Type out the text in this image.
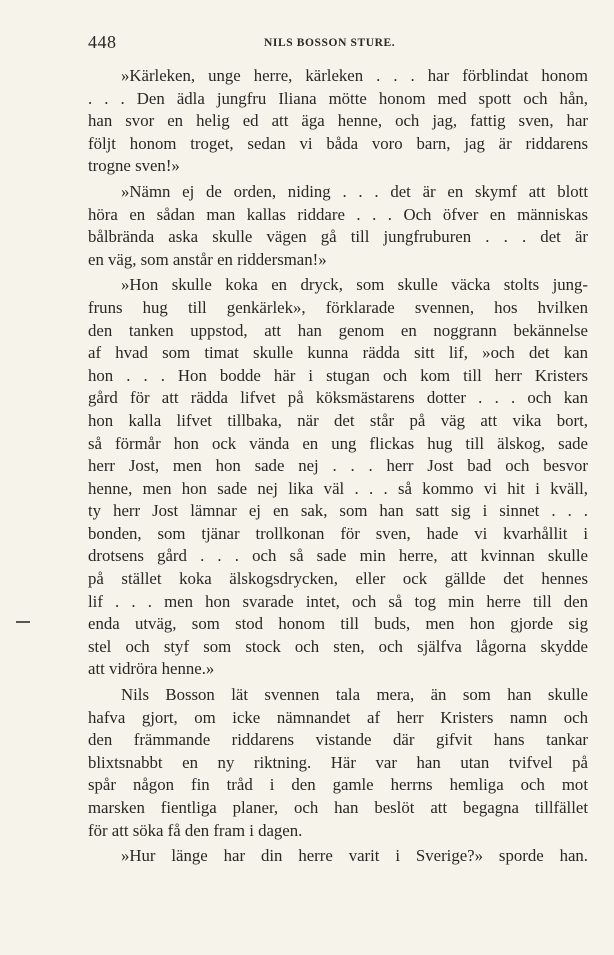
448	NILS BOSSON STURE.
»Kärleken, unge herre, kärleken . . . har förblindat honom
. . . Den ädla jungfru Iliana mötte honom med spott och hån,
han svor en helig ed att äga henne, och jag, fattig sven, har
följt honom troget, sedan vi båda voro barn, jag är riddarens
trogne sven!»
»Nämn ej de orden, niding . . . det är en skymf att blott
höra en sådan man kallas riddare . . . Och öfver en människas
bålbrända aska skulle vägen gå till jungfruburen . . . det är
en väg, som anstår en riddersman!»
»Hon skulle koka en dryck, som skulle väcka stolts jung-
fruns hug till genkärlek», förklarade svennen, hos hvilken
den tanken uppstod, att han genom en noggrann bekännelse
af hvad som timat skulle kunna rädda sitt lif, »och det kan
hon . . . Hon bodde här i stugan och kom till herr Kristers
gård för att rädda lifvet på köksmästarens dotter . . . och kan
hon kalla lifvet tillbaka, när det står på väg att vika bort,
så förmår hon ock vända en ung flickas hug till älskog, sade
herr Jost, men hon sade nej . . . herr Jost bad och besvor
henne, men hon sade nej lika väl . . . så kommo vi hit i kväll,
ty herr Jost lämnar ej en sak, som han satt sig i sinnet . . .
bonden, som tjänar trollkonan för sven, hade vi kvarhållit i
drotsens gård . . . och så sade min herre, att kvinnan skulle
på stället koka älskogsdrycken, eller ock gällde det hennes
lif . . . men hon svarade intet, och så tog min herre till den
enda utväg, som stod honom till buds, men hon gjorde sig
stel och styf som stock och sten, och själfva lågorna skydde
att vidröra henne.»
Nils Bosson lät svennen tala mera, än som han skulle
hafva gjort, om icke nämnandet af herr Kristers namn och
den främmande riddarens vistande där gifvit hans tankar
blixtsnabbt en ny riktning. Här var han utan tvifvel på
spår någon fin tråd i den gamle herrns hemliga och mot
marsken fientliga planer, och han beslöt att begagna tillfället
för att söka få den fram i dagen.
»Hur länge har din herre varit i Sverige?» sporde han.
